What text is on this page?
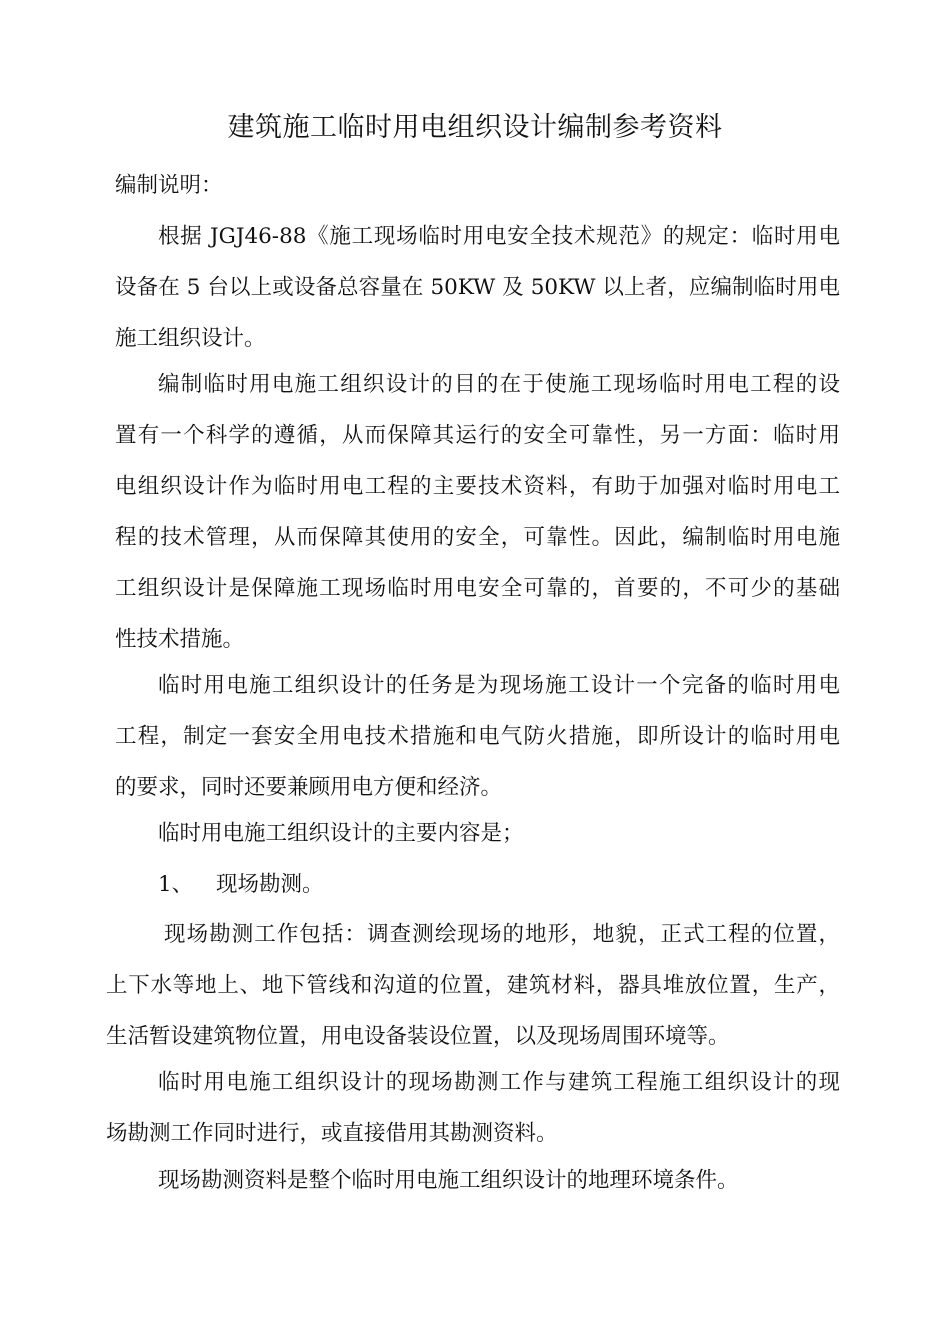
建筑施工临时用电组织设计编制参考资料

编制说明：

根据 JGJ46-88《施工现场临时用电安全技术规范》的规定：临时用电
设备在 5 台以上或设备总容量在 50KW 及 50KW 以上者，应编制临时用电
施工组织设计。

编制临时用电施工组织设计的目的在于使施工现场临时用电工程的设
置有一个科学的遵循，从而保障其运行的安全可靠性，另一方面：临时用
电组织设计作为临时用电工程的主要技术资料，有助于加强对临时用电工
程的技术管理，从而保障其使用的安全，可靠性。因此，编制临时用电施
工组织设计是保障施工现场临时用电安全可靠的，首要的，不可少的基础
性技术措施。

临时用电施工组织设计的任务是为现场施工设计一个完备的临时用电
工程，制定一套安全用电技术措施和电气防火措施，即所设计的临时用电
的要求，同时还要兼顾用电方便和经济。

临时用电施工组织设计的主要内容是；

1、 现场勘测。

现场勘测工作包括：调查测绘现场的地形，地貌，正式工程的位置，
上下水等地上、地下管线和沟道的位置，建筑材料，器具堆放位置，生产，
生活暂设建筑物位置，用电设备装设位置，以及现场周围环境等。

临时用电施工组织设计的现场勘测工作与建筑工程施工组织设计的现
场勘测工作同时进行，或直接借用其勘测资料。

现场勘测资料是整个临时用电施工组织设计的地理环境条件。
